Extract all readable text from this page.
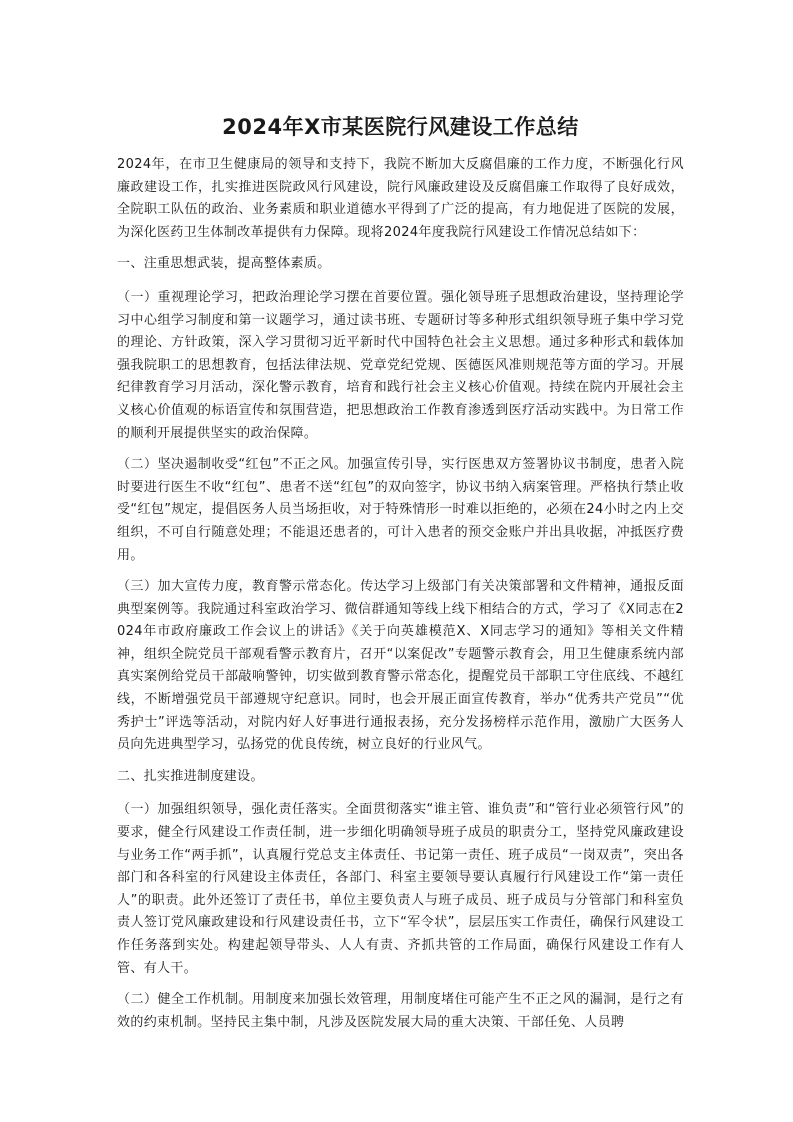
2024年X市某医院行风建设工作总结

2024年，在市卫生健康局的领导和支持下，我院不断加大反腐倡廉的工作力度，不断强化行风廉政建设工作，扎实推进医院政风行风建设，院行风廉政建设及反腐倡廉工作取得了良好成效，全院职工队伍的政治、业务素质和职业道德水平得到了广泛的提高，有力地促进了医院的发展，为深化医药卫生体制改革提供有力保障。现将2024年度我院行风建设工作情况总结如下：

一、注重思想武装，提高整体素质。

（一）重视理论学习，把政治理论学习摆在首要位置。强化领导班子思想政治建设，坚持理论学习中心组学习制度和第一议题学习，通过读书班、专题研讨等多种形式组织领导班子集中学习党的理论、方针政策，深入学习贯彻习近平新时代中国特色社会主义思想。通过多种形式和载体加强我院职工的思想教育，包括法律法规、党章党纪党规、医德医风准则规范等方面的学习。开展纪律教育学习月活动，深化警示教育，培育和践行社会主义核心价值观。持续在院内开展社会主义核心价值观的标语宣传和氛围营造，把思想政治工作教育渗透到医疗活动实践中。为日常工作的顺利开展提供坚实的政治保障。

（二）坚决遏制收受“红包”不正之风。加强宣传引导，实行医患双方签署协议书制度，患者入院时要进行医生不收“红包”、患者不送“红包”的双向签字，协议书纳入病案管理。严格执行禁止收受“红包”规定，提倡医务人员当场拒收，对于特殊情形一时难以拒绝的，必须在24小时之内上交组织，不可自行随意处理；不能退还患者的，可计入患者的预交金账户并出具收据，冲抵医疗费用。

（三）加大宣传力度，教育警示常态化。传达学习上级部门有关决策部署和文件精神，通报反面典型案例等。我院通过科室政治学习、微信群通知等线上线下相结合的方式，学习了《X同志在2024年市政府廉政工作会议上的讲话》《关于向英雄模范X、X同志学习的通知》等相关文件精神，组织全院党员干部观看警示教育片，召开“以案促改”专题警示教育会，用卫生健康系统内部真实案例给党员干部敲响警钟，切实做到教育警示常态化，提醒党员干部职工守住底线、不越红线，不断增强党员干部遵规守纪意识。同时，也会开展正面宣传教育，举办“优秀共产党员”“优秀护士”评选等活动，对院内好人好事进行通报表扬，充分发扬榜样示范作用，激励广大医务人员向先进典型学习，弘扬党的优良传统，树立良好的行业风气。

二、扎实推进制度建设。

（一）加强组织领导，强化责任落实。全面贯彻落实“谁主管、谁负责”和“管行业必须管行风”的要求，健全行风建设工作责任制，进一步细化明确领导班子成员的职责分工，坚持党风廉政建设与业务工作“两手抓”，认真履行党总支主体责任、书记第一责任、班子成员“一岗双责”，突出各部门和各科室的行风建设主体责任，各部门、科室主要领导要认真履行行风建设工作“第一责任人”的职责。此外还签订了责任书，单位主要负责人与班子成员、班子成员与分管部门和科室负责人签订党风廉政建设和行风建设责任书，立下“军令状”，层层压实工作责任，确保行风建设工作任务落到实处。构建起领导带头、人人有责、齐抓共管的工作局面，确保行风建设工作有人管、有人干。

（二）健全工作机制。用制度来加强长效管理，用制度堵住可能产生不正之风的漏洞，是行之有效的约束机制。坚持民主集中制，凡涉及医院发展大局的重大决策、干部任免、人员聘
